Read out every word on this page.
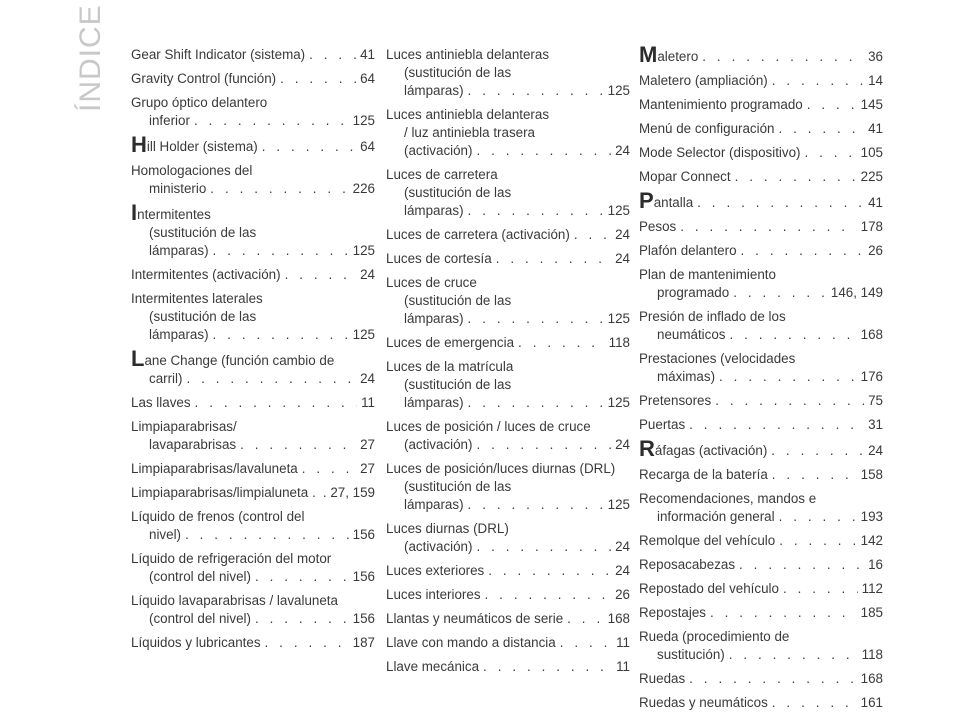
ÍNDICE Gear Shift Indicator (sistema) . . .	41
Gravity Control (función) . . .	64
Grupo óptico delantero
inferior . . .	125
H ill Holder (sistema) . . .	64
Homologaciones del
ministerio . . .	226
I ntermitentes
(sustitución de las
lámparas) . . .	125
Intermitentes (activación) . . .	24
Intermitentes laterales
(sustitución de las
lámparas) . . .	125
L ane Change (función cambio de
carril) . . .	24
Las llaves . . .	11
Limpiaparabrisas/
lavaparabrisas . . .	27
Limpiaparabrisas/lavaluneta . . .	27
Limpiaparabrisas/limpialuneta . . . . 27, 159
Líquido de frenos (control del
nivel) . . .	156
Líquido de refrigeración del motor
(control del nivel) . . .	156
Líquido lavaparabrisas / lavaluneta
(control del nivel) . . .	156
Líquidos y lubricantes . . .	187
Luces antiniebla delanteras
(sustitución de las
lámparas) . . .	125
Luces antiniebla delanteras
/ luz antiniebla trasera
(activación) . . .	24
Luces de carretera
(sustitución de las
lámparas) . . .	125
Luces de carretera (activación) . . .	24
Luces de cortesía . . .	24
Luces de cruce
(sustitución de las
lámparas) . . .	125
Luces de emergencia . . .	118
Luces de la matrícula
(sustitución de las
lámparas) . . .	125
Luces de posición / luces de cruce
(activación) . . .	24
Luces de posición/luces diurnas (DRL)
(sustitución de las
lámparas) . . .	125
Luces diurnas (DRL)
(activación) . . .	24
Luces exteriores . . .	24
Luces interiores . . .	26
Llantas y neumáticos de serie . . .	168
Llave con mando a distancia . . .	11
Llave mecánica . . .	11
M aletero . . .	36
Maletero (ampliación) . . .	14
Mantenimiento programado . . .	145
Menú de configuración . . .	41
Mode Selector (dispositivo) . . .	105
Mopar Connect . . .	225
P antalla . . .	41
Pesos . . .	178
Plafón delantero . . .	26
Plan de mantenimiento
programado . . .	146, 149
Presión de inflado de los
neumáticos . . .	168
Prestaciones (velocidades
máximas) . . .	176
Pretensores . . .	75
Puertas . . .	31
R áfagas (activación) . . .	24
Recarga de la batería . . .	158
Recomendaciones, mandos e
información general . . .	193
Remolque del vehículo . . .	142
Reposacabezas . . .	16
Repostado del vehículo . . .	112
Repostajes . . .	185
Rueda (procedimiento de
sustitución) . . .	118
Ruedas . . .	168
Ruedas y neumáticos . . .	161
